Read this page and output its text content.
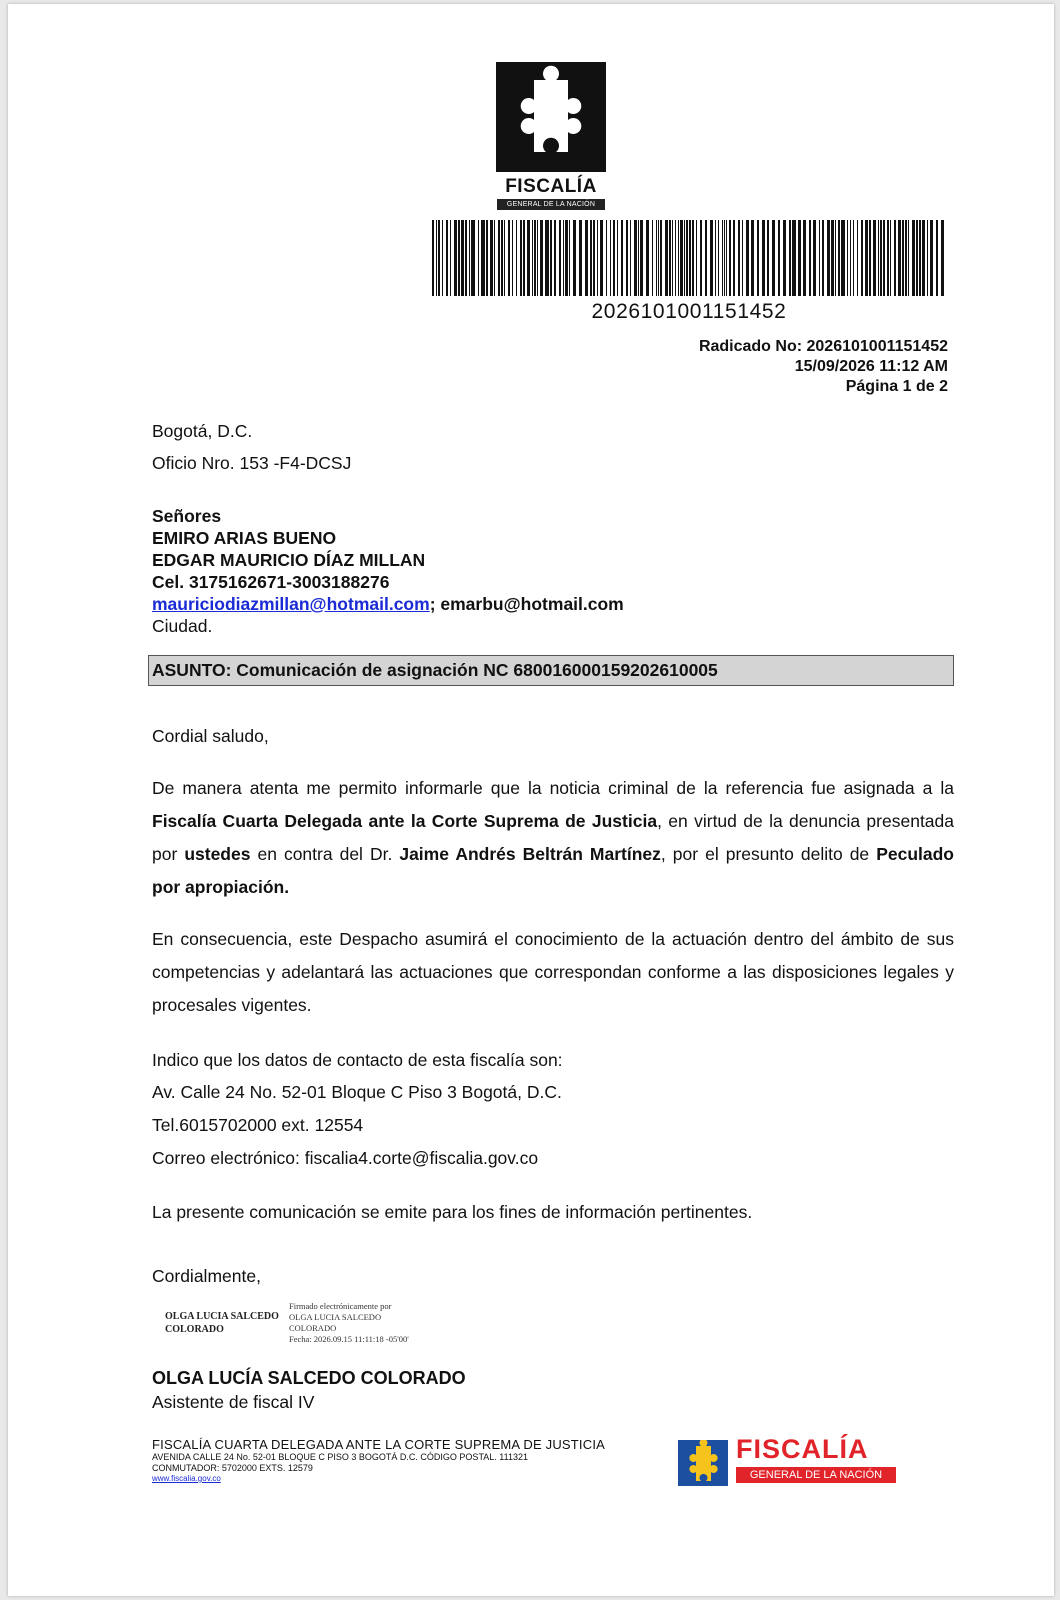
FISCALÍA
GENERAL DE LA NACIÓN
2026101001151452
Radicado No: 2026101001151452
15/09/2026 11:12 AM
Página 1 de 2
Bogotá, D.C.
Oficio Nro. 153 -F4-DCSJ
Señores
EMIRO ARIAS BUENO
EDGAR MAURICIO DÍAZ MILLAN
Cel. 3175162671-3003188276
mauriciodiazmillan@hotmail.com; emarbu@hotmail.com
Ciudad.
ASUNTO: Comunicación de asignación NC 680016000159202610005
Cordial saludo,
De manera atenta me permito informarle que la noticia criminal de la referencia fue asignada a la Fiscalía Cuarta Delegada ante la Corte Suprema de Justicia, en virtud de la denuncia presentada por ustedes en contra del Dr. Jaime Andrés Beltrán Martínez, por el presunto delito de Peculado por apropiación.
En consecuencia, este Despacho asumirá el conocimiento de la actuación dentro del ámbito de sus competencias y adelantará las actuaciones que correspondan conforme a las disposiciones legales y procesales vigentes.
Indico que los datos de contacto de esta fiscalía son:
Av. Calle 24 No. 52-01 Bloque C Piso 3 Bogotá, D.C.
Tel.6015702000 ext. 12554
Correo electrónico: fiscalia4.corte@fiscalia.gov.co
La presente comunicación se emite para los fines de información pertinentes.
Cordialmente,
OLGA LUCIA SALCEDO
COLORADO
Firmado electrónicamente por
OLGA LUCIA SALCEDO
COLORADO
Fecha: 2026.09.15 11:11:18 -05'00'
OLGA LUCÍA SALCEDO COLORADO
Asistente de fiscal IV
FISCALÍA CUARTA DELEGADA ANTE LA CORTE SUPREMA DE JUSTICIA
AVENIDA CALLE 24 No. 52-01 BLOQUE C PISO 3 BOGOTÁ D.C. CÓDIGO POSTAL. 111321
CONMUTADOR: 5702000 EXTS. 12579
www.fiscalia.gov.co
FISCALÍA
GENERAL DE LA NACIÓN
